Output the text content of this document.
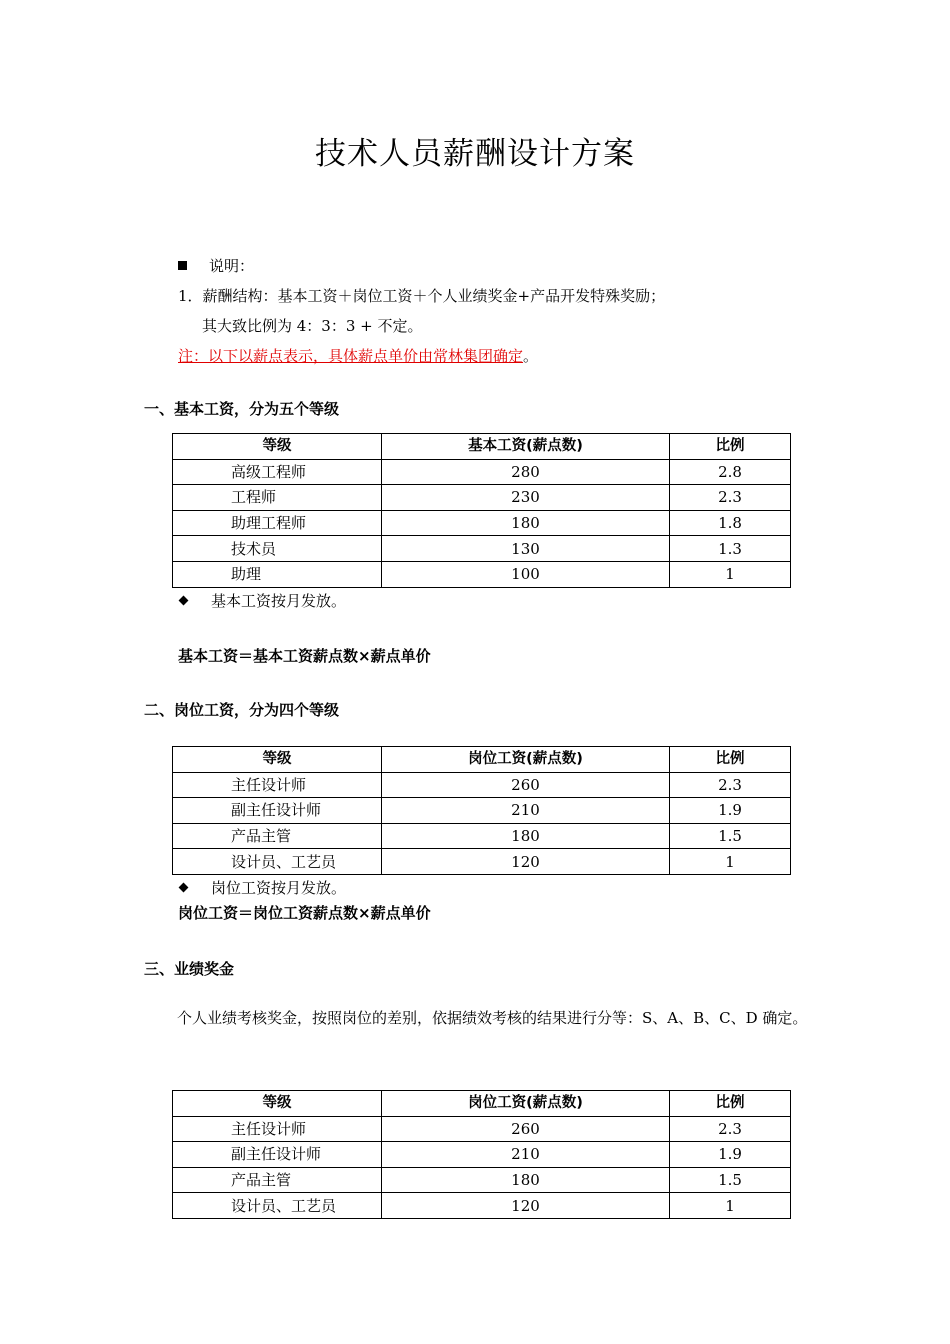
技术人员薪酬设计方案
说明：
1．薪酬结构：基本工资＋岗位工资＋个人业绩奖金+产品开发特殊奖励；
其大致比例为 4：3：3 + 不定。
注：以下以薪点表示，具体薪点单价由常林集团确定。
一、基本工资，分为五个等级
等级	基本工资(薪点数)	比例
高级工程师	280	2.8
工程师	230	2.3
助理工程师	180	1.8
技术员	130	1.3
助理	100	1
基本工资按月发放。
基本工资＝基本工资薪点数×薪点单价
二、岗位工资，分为四个等级
等级	岗位工资(薪点数)	比例
主任设计师	260	2.3
副主任设计师	210	1.9
产品主管	180	1.5
设计员、工艺员	120	1
岗位工资按月发放。
岗位工资＝岗位工资薪点数×薪点单价
三、业绩奖金
个人业绩考核奖金，按照岗位的差别，依据绩效考核的结果进行分等：S、A、B、C、D 确定。
等级	岗位工资(薪点数)	比例
主任设计师	260	2.3
副主任设计师	210	1.9
产品主管	180	1.5
设计员、工艺员	120	1
